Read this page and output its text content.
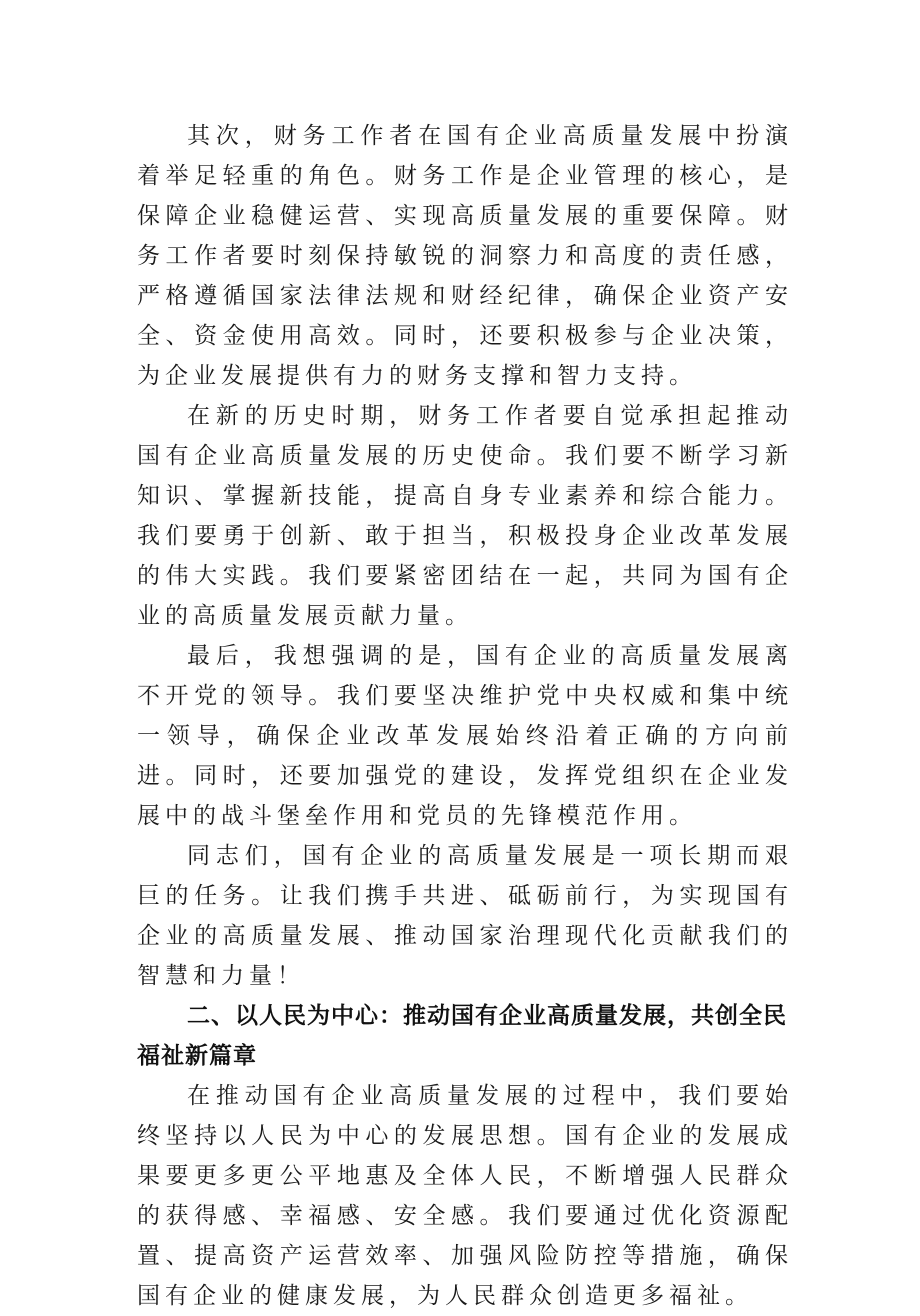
其次，财务工作者在国有企业高质量发展中扮演着举足轻重的角色。财务工作是企业管理的核心，是保障企业稳健运营、实现高质量发展的重要保障。财务工作者要时刻保持敏锐的洞察力和高度的责任感，严格遵循国家法律法规和财经纪律，确保企业资产安全、资金使用高效。同时，还要积极参与企业决策，为企业发展提供有力的财务支撑和智力支持。

在新的历史时期，财务工作者要自觉承担起推动国有企业高质量发展的历史使命。我们要不断学习新知识、掌握新技能，提高自身专业素养和综合能力。我们要勇于创新、敢于担当，积极投身企业改革发展的伟大实践。我们要紧密团结在一起，共同为国有企业的高质量发展贡献力量。

最后，我想强调的是，国有企业的高质量发展离不开党的领导。我们要坚决维护党中央权威和集中统一领导，确保企业改革发展始终沿着正确的方向前进。同时，还要加强党的建设，发挥党组织在企业发展中的战斗堡垒作用和党员的先锋模范作用。

同志们，国有企业的高质量发展是一项长期而艰巨的任务。让我们携手共进、砥砺前行，为实现国有企业的高质量发展、推动国家治理现代化贡献我们的智慧和力量！

二、以人民为中心：推动国有企业高质量发展，共创全民福祉新篇章

在推动国有企业高质量发展的过程中，我们要始终坚持以人民为中心的发展思想。国有企业的发展成果要更多更公平地惠及全体人民，不断增强人民群众的获得感、幸福感、安全感。我们要通过优化资源配置、提高资产运营效率、加强风险防控等措施，确保国有企业的健康发展，为人民群众创造更多福祉。
